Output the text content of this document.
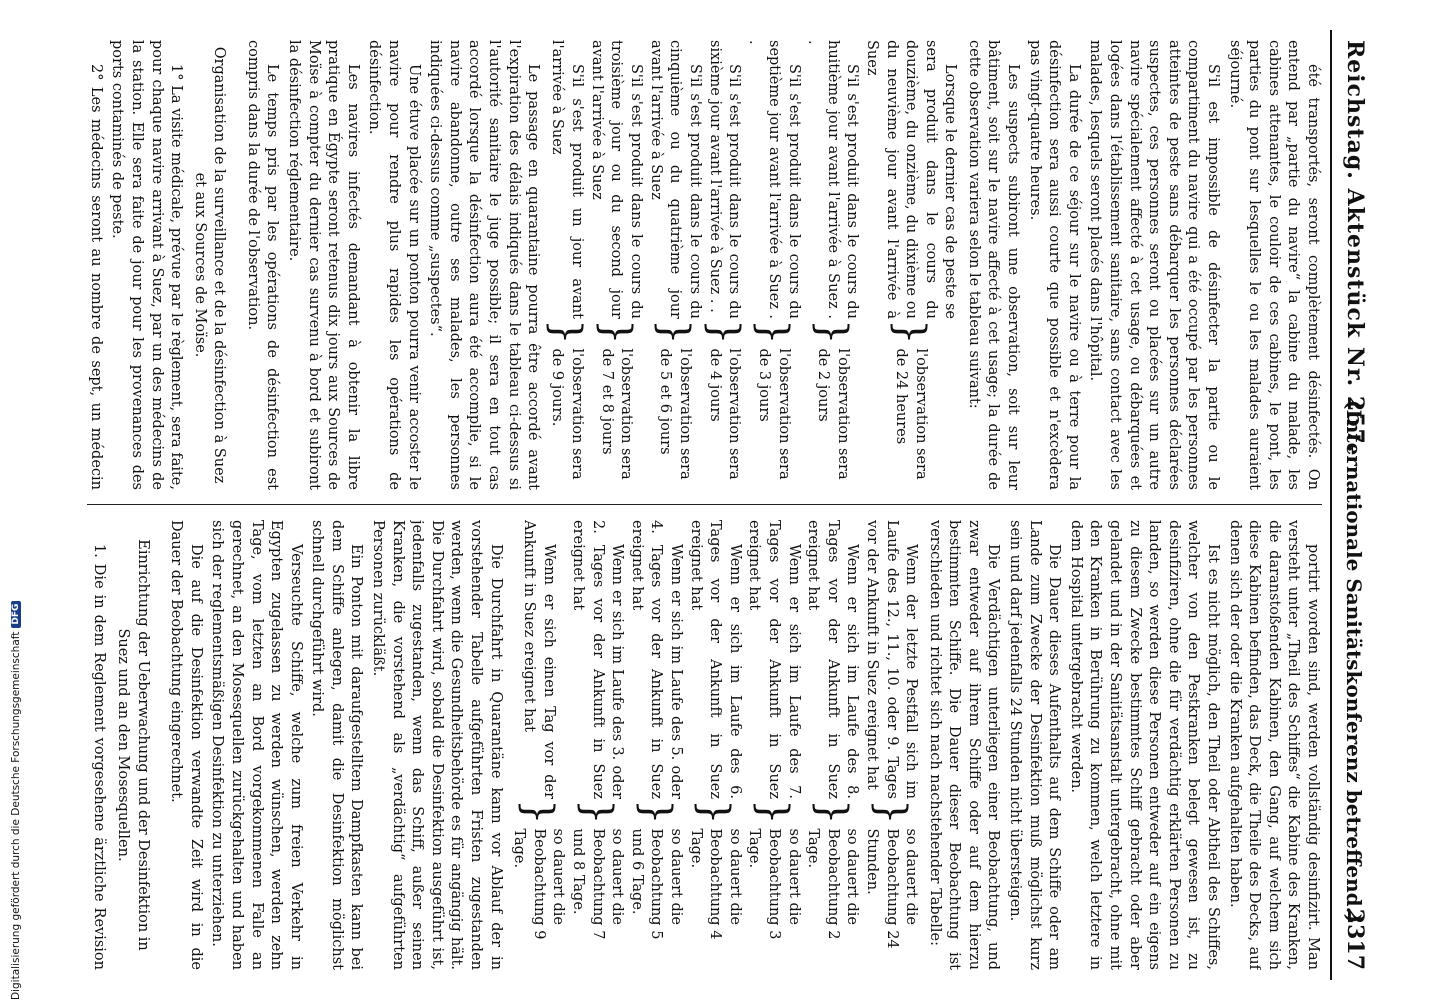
Reichstag. Aktenstück Nr. 257.
(Internationale Sanitätskonferenz betreffend.)
2317

été transportés, seront complètement désinfectés. On entend par „partie du navire“ la cabine du malade, les cabines attenantes, le couloir de ces cabines, le pont, les parties du pont sur lesquelles le ou les malades auraient séjourné.

S'il est impossible de désinfecter la partie ou le compartiment du navire qui a été occupé par les personnes atteintes de peste sans débarquer les personnes déclarées suspectes, ces personnes seront ou placées sur un autre navire spécialement affecté à cet usage, ou débarquées et logées dans l'établissement sanitaire, sans contact avec les malades, lesquels seront placés dans l'hôpital.

La durée de ce séjour sur le navire ou à terre pour la désinfection sera aussi courte que possible et n'excèdera pas vingt-quatre heures.

Les suspects subiront une observation, soit sur leur bâtiment, soit sur le navire affecté à cet usage; la durée de cette observation variera selon le tableau suivant:

Lorsque le dernier cas de peste se sera produit dans le cours du douzième, du onzième, du dixième ou du neuvième jour avant l'arrivée à Suez	}	l'observation sera de 24 heures
S'il s'est produit dans le cours du huitième jour avant l'arrivée à Suez . .	}	l'observation sera de 2 jours
S'il s'est produit dans le cours du septième jour avant l'arrivée à Suez . .	}	l'observation sera de 3 jours
S'il s'est produit dans le cours du sixième jour avant l'arrivée à Suez . .	}	l'observation sera de 4 jours
S'il s'est produit dans le cours du cinquième ou du quatrième jour avant l'arrivée à Suez	}	l'observation sera de 5 et 6 jours
S'il s'est produit dans le cours du troisième jour ou du second jour avant l'arrivée à Suez	}	l'observation sera de 7 et 8 jours
S'il s'est produit un jour avant l'arrivée à Suez	}	l'observation sera de 9 jours.

Le passage en quarantaine pourra être accordé avant l'expiration des délais indiqués dans le tableau ci-dessus si l'autorité sanitaire le juge possible; il sera en tout cas accordé lorsque la désinfection aura été accomplie, si le navire abandonne, outre ses malades, les personnes indiquées ci-dessus comme „suspectes“.

Une étuve placée sur un ponton pourra venir accoster le navire pour rendre plus rapides les opérations de désinfection.

Les navires infectés demandant à obtenir la libre pratique en Égypte seront retenus dix jours aux Sources de Moïse à compter du dernier cas survenu à bord et subiront la désinfection réglementaire.

Le temps pris par les opérations de désinfection est compris dans la durée de l'observation.

Organisation de la surveillance et de la désinfection à Suez et aux Sources de Moïse.

1° La visite médicale, prévue par le règlement, sera faite, pour chaque navire arrivant à Suez, par un des médecins de la station. Elle sera faite de jour pour les provenances des ports contaminés de peste.

2° Les médecins seront au nombre de sept, un médecin

portirt worden sind, werden vollständig desinfizirt. Man versteht unter „Theil des Schiffes“ die Kabine des Kranken, die daranstoßenden Kabinen, den Gang, auf welchem sich diese Kabinen befinden, das Deck, die Theile des Decks, auf denen sich der oder die Kranken aufgehalten haben.

Ist es nicht möglich, den Theil oder Abtheil des Schiffes, welcher von den Pestkranken belegt gewesen ist, zu desinfiziren, ohne die für verdächtig erklärten Personen zu landen, so werden diese Personen entweder auf ein eigens zu diesem Zwecke bestimmtes Schiff gebracht oder aber gelandet und in der Sanitätsanstalt untergebracht, ohne mit den Kranken in Berührung zu kommen, welch letztere in dem Hospital untergebracht werden.

Die Dauer dieses Aufenthalts auf dem Schiffe oder am Lande zum Zwecke der Desinfektion muß möglichst kurz sein und darf jedenfalls 24 Stunden nicht übersteigen.

Die Verdächtigen unterliegen einer Beobachtung, und zwar entweder auf ihrem Schiffe oder auf dem hierzu bestimmten Schiffe. Die Dauer dieser Beobachtung ist verschieden und richtet sich nach nachstehender Tabelle:

Wenn der letzte Pestfall sich im Laufe des 12., 11., 10. oder 9. Tages vor der Ankunft in Suez ereignet hat	}	so dauert die Beobachtung 24 Stunden.
Wenn er sich im Laufe des 8. Tages vor der Ankunft in Suez ereignet hat	}	so dauert die Beobachtung 2 Tage.
Wenn er sich im Laufe des 7. Tages vor der Ankunft in Suez ereignet hat	}	so dauert die Beobachtung 3 Tage.
Wenn er sich im Laufe des 6. Tages vor der Ankunft in Suez ereignet hat	}	so dauert die Beobachtung 4 Tage.
Wenn er sich im Laufe des 5. oder 4. Tages vor der Ankunft in Suez ereignet hat	}	so dauert die Beobachtung 5 und 6 Tage.
Wenn er sich im Laufe des 3. oder 2. Tages vor der Ankunft in Suez ereignet hat	}	so dauert die Beobachtung 7 und 8 Tage.
Wenn er sich einen Tag vor der Ankunft in Suez ereignet hat	}	so dauert die Beobachtung 9 Tage.

Die Durchfahrt in Quarantäne kann vor Ablauf der in vorstehender Tabelle aufgeführten Fristen zugestanden werden, wenn die Gesundheitsbehörde es für angängig hält. Die Durchfahrt wird, sobald die Desinfektion ausgeführt ist, jedenfalls zugestanden, wenn das Schiff, außer seinen Kranken, die vorstehend als „verdächtig“ aufgeführten Personen zurückläßt.

Ein Ponton mit daraufgestelltem Dampfkasten kann bei dem Schiffe anlegen, damit die Desinfektion möglichst schnell durchgeführt wird.

Verseuchte Schiffe, welche zum freien Verkehr in Egypten zugelassen zu werden wünschen, werden zehn Tage, vom letzten an Bord vorgekommenen Falle an gerechnet, an den Mosesquellen zurückgehalten und haben sich der reglementsmäßigen Desinfektion zu unterziehen.

Die auf die Desinfektion verwandte Zeit wird in die Dauer der Beobachtung eingerechnet.

Einrichtung der Ueberwachung und der Desinfektion in Suez und an den Mosesquellen.

1. Die in dem Reglement vorgesehene ärztliche Revision

Digitalisierung gefördert durch die Deutsche Forschungsgemeinschaft
DFG
